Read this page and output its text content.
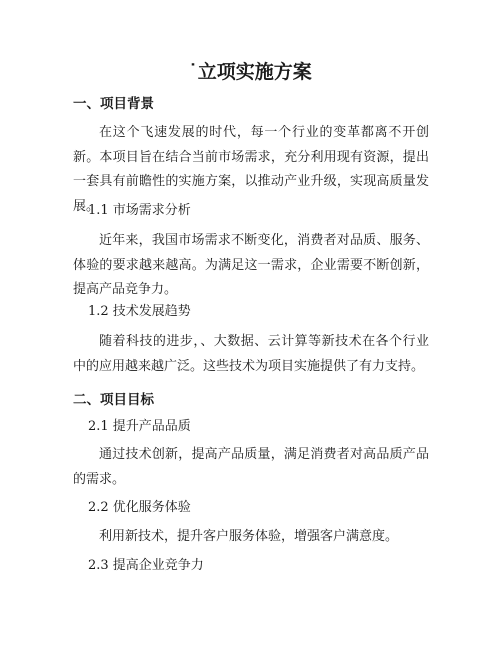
˙立项实施方案
一、项目背景
在这个飞速发展的时代，每一个行业的变革都离不开创新。本项目旨在结合当前市场需求，充分利用现有资源，提出一套具有前瞻性的实施方案，以推动产业升级，实现高质量发展。
1.1 市场需求分析
近年来，我国市场需求不断变化，消费者对品质、服务、体验的要求越来越高。为满足这一需求，企业需要不断创新，提高产品竞争力。
1.2 技术发展趋势
随着科技的进步，、大数据、云计算等新技术在各个行业中的应用越来越广泛。这些技术为项目实施提供了有力支持。
二、项目目标
2.1 提升产品品质
通过技术创新，提高产品质量，满足消费者对高品质产品的需求。
2.2 优化服务体验
利用新技术，提升客户服务体验，增强客户满意度。
2.3 提高企业竞争力
